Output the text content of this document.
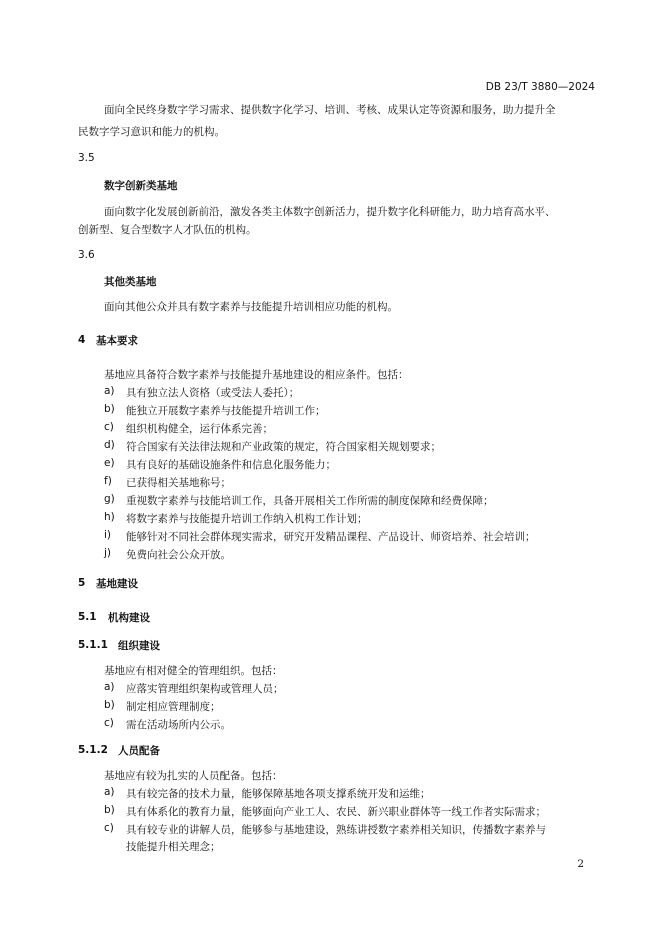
DB 23/T 3880—2024
面向全民终身数字学习需求、提供数字化学习、培训、考核、成果认定等资源和服务，助力提升全
民数字学习意识和能力的机构。
3.5
数字创新类基地
面向数字化发展创新前沿，激发各类主体数字创新活力，提升数字化科研能力，助力培育高水平、
创新型、复合型数字人才队伍的机构。
3.6
其他类基地
面向其他公众并具有数字素养与技能提升培训相应功能的机构。
4 基本要求
基地应具备符合数字素养与技能提升基地建设的相应条件。包括：
a) 具有独立法人资格（或受法人委托）；
b) 能独立开展数字素养与技能提升培训工作；
c) 组织机构健全，运行体系完善；
d) 符合国家有关法律法规和产业政策的规定，符合国家相关规划要求；
e) 具有良好的基础设施条件和信息化服务能力；
f) 已获得相关基地称号；
g) 重视数字素养与技能培训工作，具备开展相关工作所需的制度保障和经费保障；
h) 将数字素养与技能提升培训工作纳入机构工作计划；
i) 能够针对不同社会群体现实需求，研究开发精品课程、产品设计、师资培养、社会培训；
j) 免费向社会公众开放。
5 基地建设
5.1 机构建设
5.1.1 组织建设
基地应有相对健全的管理组织。包括：
a) 应落实管理组织架构或管理人员；
b) 制定相应管理制度；
c) 需在活动场所内公示。
5.1.2 人员配备
基地应有较为扎实的人员配备。包括：
a) 具有较完备的技术力量，能够保障基地各项支撑系统开发和运维；
b) 具有体系化的教育力量，能够面向产业工人、农民、新兴职业群体等一线工作者实际需求；
c) 具有较专业的讲解人员，能够参与基地建设，熟练讲授数字素养相关知识，传播数字素养与
技能提升相关理念；
2
